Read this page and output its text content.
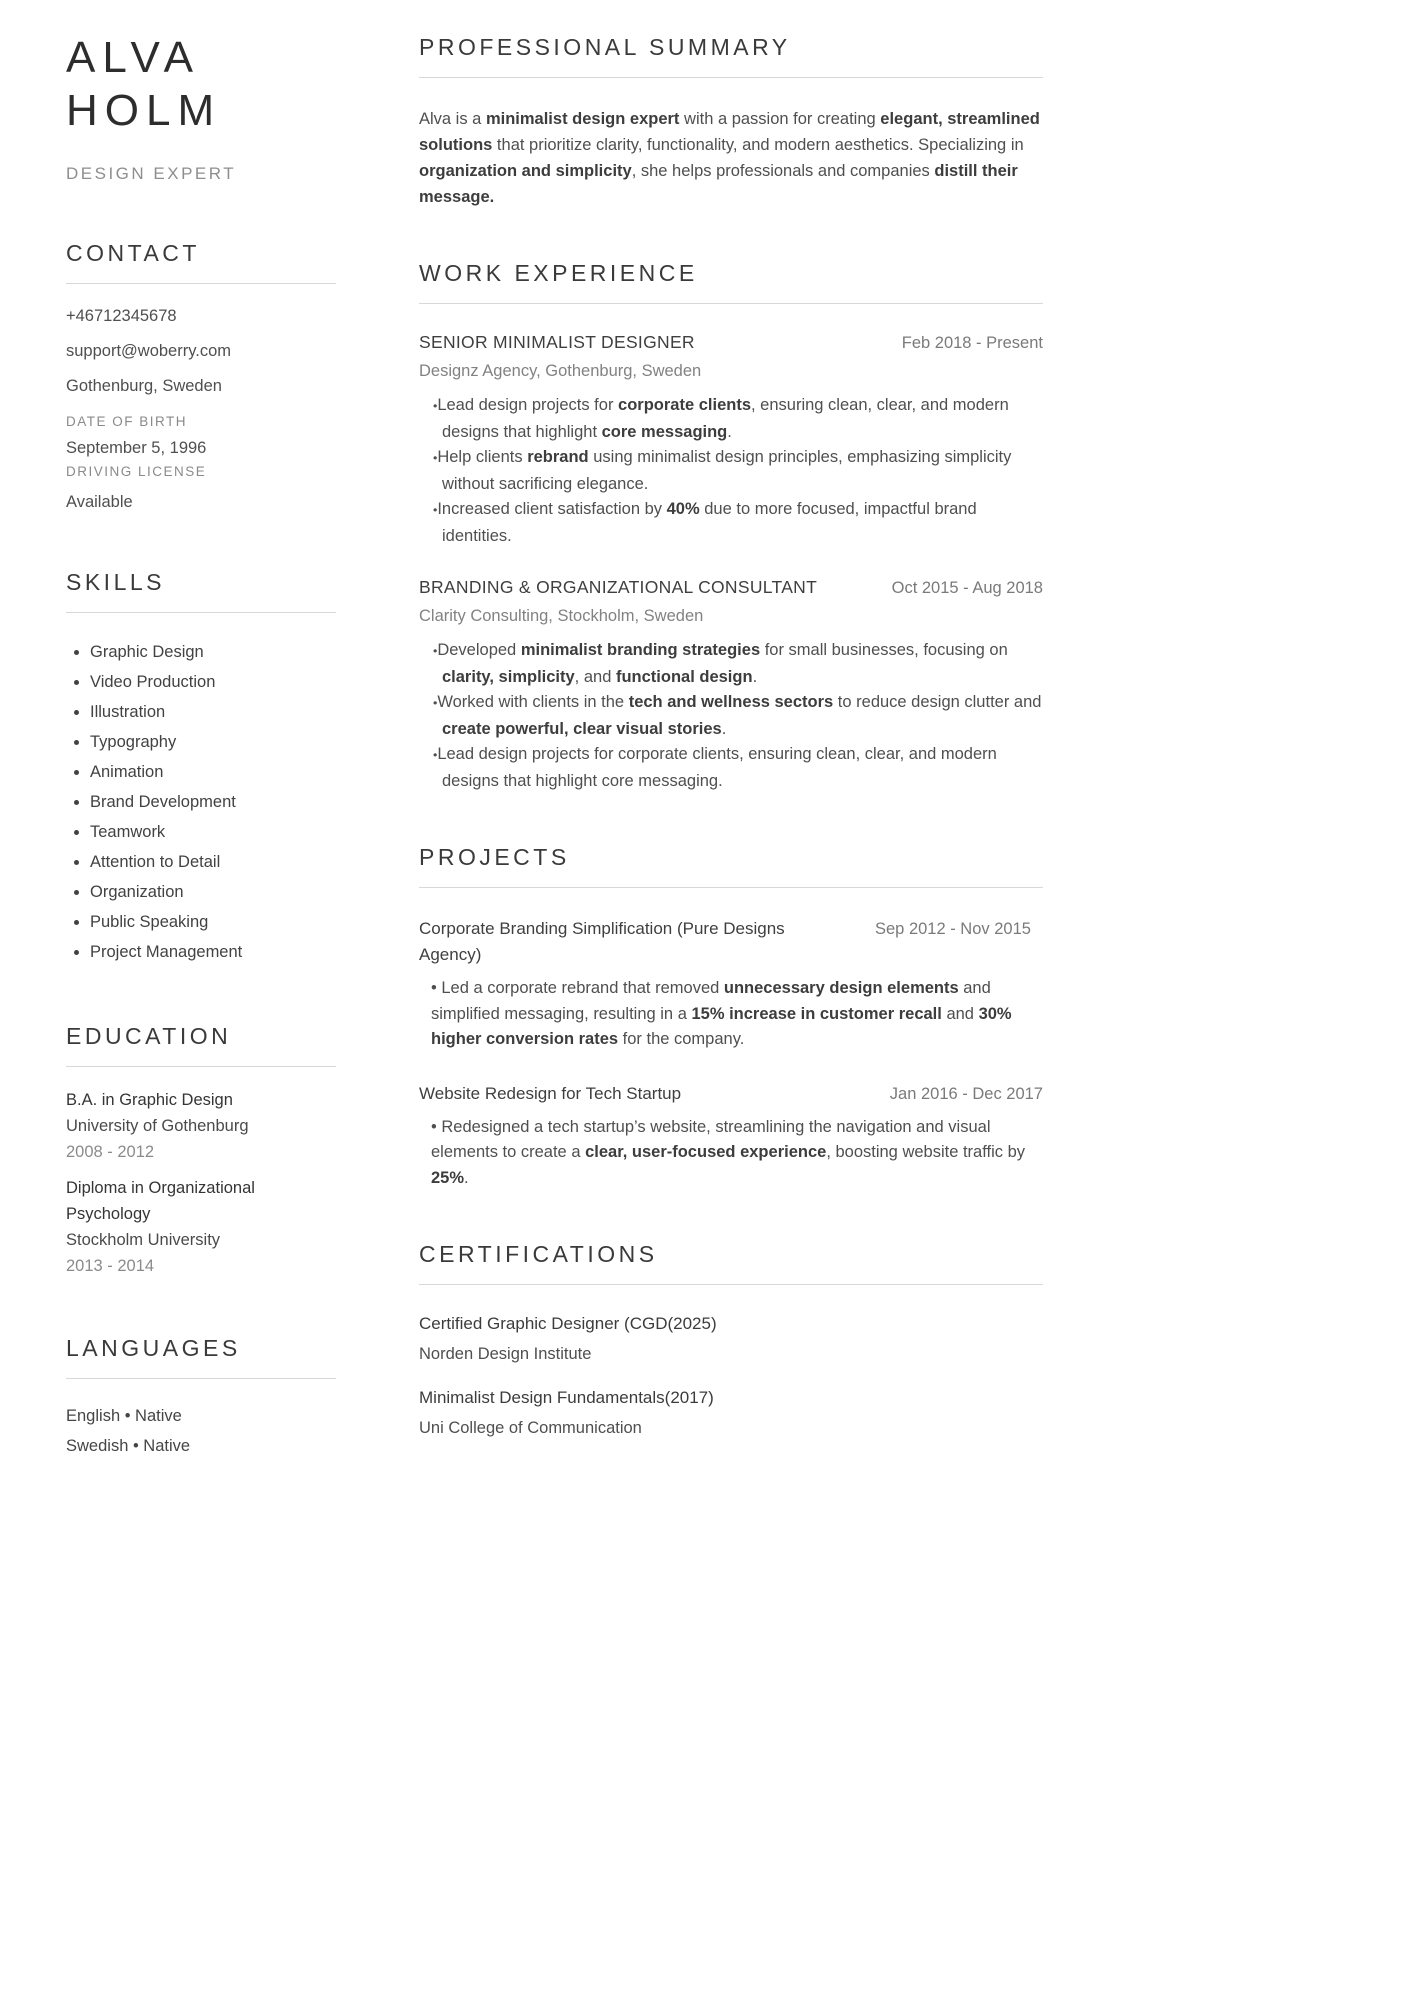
ALVA
HOLM
DESIGN EXPERT
CONTACT
+46712345678
support@woberry.com
Gothenburg, Sweden
DATE OF BIRTH
September 5, 1996
DRIVING LICENSE
Available
SKILLS
• Graphic Design
• Video Production
• Illustration
• Typography
• Animation
• Brand Development
• Teamwork
• Attention to Detail
• Organization
• Public Speaking
• Project Management
EDUCATION
B.A. in Graphic Design
University of Gothenburg
2008 - 2012
Diploma in Organizational Psychology
Stockholm University
2013 - 2014
LANGUAGES
English • Native
Swedish • Native
PROFESSIONAL SUMMARY

Alva is a minimalist design expert with a passion for creating elegant, streamlined solutions that prioritize clarity, functionality, and modern aesthetics. Specializing in organization and simplicity, she helps professionals and companies distill their message.

WORK EXPERIENCE
SENIOR MINIMALIST DESIGNER	Feb 2018 - Present
Designz Agency, Gothenburg, Sweden
• Lead design projects for corporate clients, ensuring clean, clear, and modern designs that highlight core messaging.
• Help clients rebrand using minimalist design principles, emphasizing simplicity without sacrificing elegance.
• Increased client satisfaction by 40% due to more focused, impactful brand identities.
BRANDING & ORGANIZATIONAL CONSULTANT	Oct 2015 - Aug 2018
Clarity Consulting, Stockholm, Sweden
• Developed minimalist branding strategies for small businesses, focusing on clarity, simplicity, and functional design.
• Worked with clients in the tech and wellness sectors to reduce design clutter and create powerful, clear visual stories.
• Lead design projects for corporate clients, ensuring clean, clear, and modern designs that highlight core messaging.
PROJECTS
Corporate Branding Simplification (Pure Designs Agency)
Sep 2012 - Nov 2015

• Led a corporate rebrand that removed unnecessary design elements and simplified messaging, resulting in a 15% increase in customer recall and 30% higher conversion rates for the company.

Website Redesign for Tech Startup	Jan 2016 - Dec 2017

• Redesigned a tech startup’s website, streamlining the navigation and visual elements to create a clear, user-focused experience, boosting website traffic by 25%.

CERTIFICATIONS
Certified Graphic Designer (CGD(2025)
Norden Design Institute
Minimalist Design Fundamentals(2017)
Uni College of Communication
